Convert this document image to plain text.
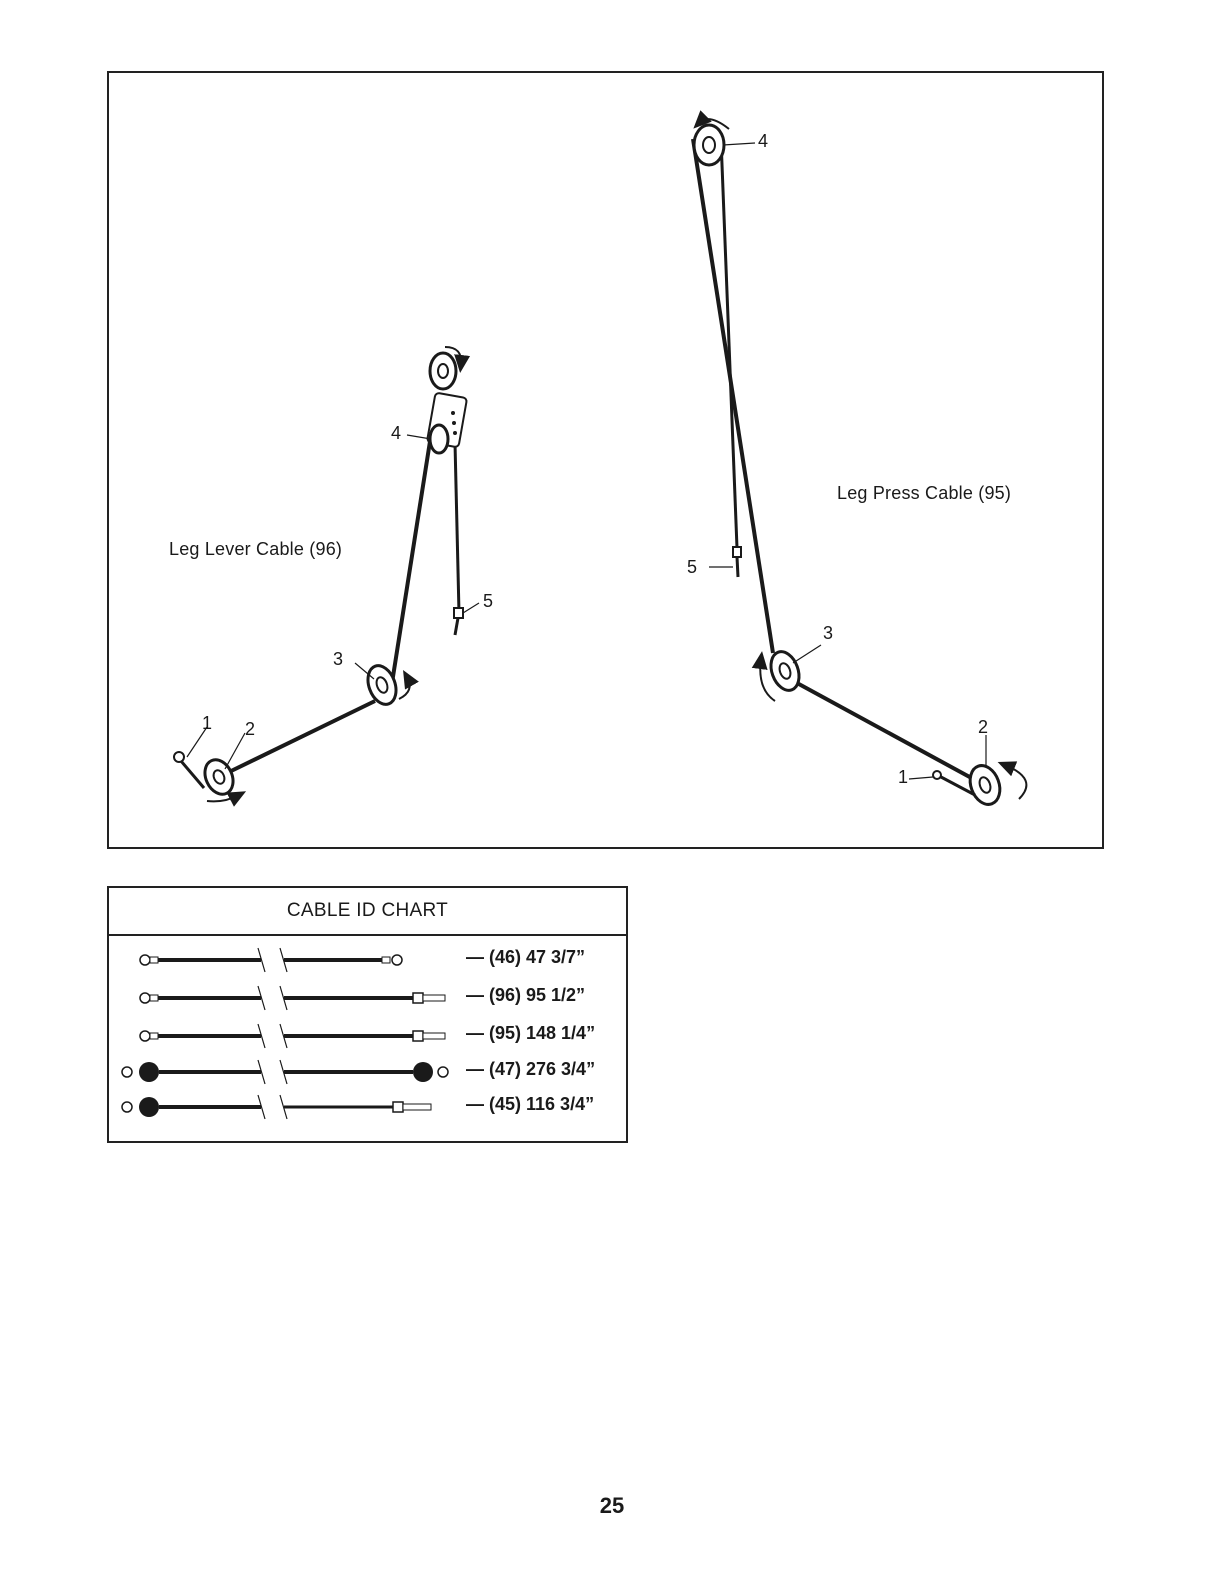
Leg Lever Cable (96)
Leg Press Cable (95)
1 2
3
4
5
1
2
3
4
5
CABLE ID CHART
— (46) 47 3/7”
— (96) 95 1/2”
— (95) 148 1/4”
— (47) 276 3/4”
— (45) 116 3/4”
25
